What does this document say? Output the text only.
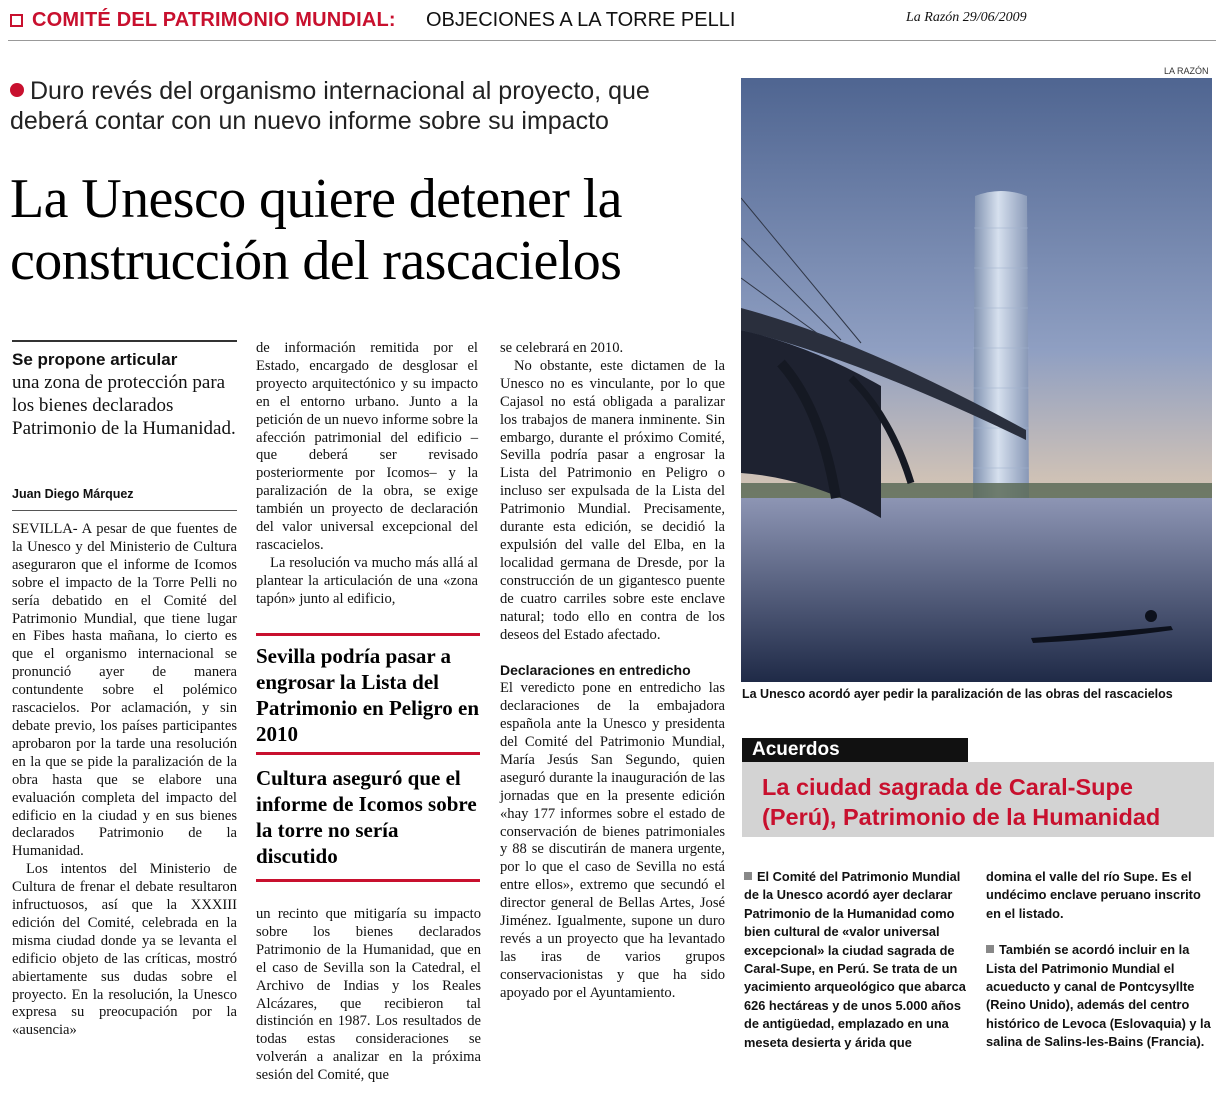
COMITÉ DEL PATRIMONIO MUNDIAL: OBJECIONES A LA TORRE PELLI	La Razón 29/06/2009
Duro revés del organismo internacional al proyecto, que deberá contar con un nuevo informe sobre su impacto
La Unesco quiere detener la
construcción del rascacielos
Se propone articular
una zona de protección para los bienes declarados Patrimonio de la Humanidad.
Juan Diego Márquez

SEVILLA- A pesar de que fuentes de la Unesco y del Ministerio de Cultura aseguraron que el informe de Icomos sobre el impacto de la Torre Pelli no sería debatido en el Comité del Patrimonio Mundial, que tiene lugar en Fibes hasta mañana, lo cierto es que el organismo internacional se pronunció ayer de manera contundente sobre el polémico rascacielos. Por aclamación, y sin debate previo, los países participantes aprobaron por la tarde una resolución en la que se pide la paralización de la obra hasta que se elabore una evaluación completa del impacto del edificio en la ciudad y en sus bienes declarados Patrimonio de la Humanidad.

Los intentos del Ministerio de Cultura de frenar el debate resultaron infructuosos, así que la XXXIII edición del Comité, celebrada en la misma ciudad donde ya se levanta el edificio objeto de las críticas, mostró abiertamente sus dudas sobre el proyecto. En la resolución, la Unesco expresa su preocupación por la «ausencia»

de información remitida por el Estado, encargado de desglosar el proyecto arquitectónico y su impacto en el entorno urbano. Junto a la petición de un nuevo informe sobre la afección patrimonial del edificio –que deberá ser revisado posteriormente por Icomos– y la paralización de la obra, se exige también un proyecto de declaración del valor universal excepcional del rascacielos.

La resolución va mucho más allá al plantear la articulación de una «zona tapón» junto al edificio,

Sevilla podría pasar a engrosar la Lista del Patrimonio en Peligro en 2010
Cultura aseguró que el informe de Icomos sobre la torre no sería discutido

un recinto que mitigaría su impacto sobre los bienes declarados Patrimonio de la Humanidad, que en el caso de Sevilla son la Catedral, el Archivo de Indias y los Reales Alcázares, que recibieron tal distinción en 1987. Los resultados de todas estas consideraciones se volverán a analizar en la próxima sesión del Comité, que

se celebrará en 2010.

No obstante, este dictamen de la Unesco no es vinculante, por lo que Cajasol no está obligada a paralizar los trabajos de manera inminente. Sin embargo, durante el próximo Comité, Sevilla podría pasar a engrosar la Lista del Patrimonio en Peligro o incluso ser expulsada de la Lista del Patrimonio Mundial. Precisamente, durante esta edición, se decidió la expulsión del valle del Elba, en la localidad germana de Dresde, por la construcción de un gigantesco puente de cuatro carriles sobre este enclave natural; todo ello en contra de los deseos del Estado afectado.

Declaraciones en entredicho

El veredicto pone en entredicho las declaraciones de la embajadora española ante la Unesco y presidenta del Comité del Patrimonio Mundial, María Jesús San Segundo, quien aseguró durante la inauguración de las jornadas que en la presente edición «hay 177 informes sobre el estado de conservación de bienes patrimoniales y 88 se discutirán de manera urgente, por lo que el caso de Sevilla no está entre ellos», extremo que secundó el director general de Bellas Artes, José Jiménez. Igualmente, supone un duro revés a un proyecto que ha levantado las iras de varios grupos conservacionistas y que ha sido apoyado por el Ayuntamiento.

LA RAZÓN
La Unesco acordó ayer pedir la paralización de las obras del rascacielos
Acuerdos
La ciudad sagrada de Caral-Supe (Perú), Patrimonio de la Humanidad
El Comité del Patrimonio Mundial de la Unesco acordó ayer declarar Patrimonio de la Humanidad como bien cultural de «valor universal excepcional» la ciudad sagrada de Caral-Supe, en Perú. Se trata de un yacimiento arqueológico que abarca 626 hectáreas y de unos 5.000 años de antigüedad, emplazado en una meseta desierta y árida que
domina el valle del río Supe. Es el undécimo enclave peruano inscrito en el listado.
También se acordó incluir en la Lista del Patrimonio Mundial el acueducto y canal de Pontcysyllte (Reino Unido), además del centro histórico de Levoca (Eslovaquia) y la salina de Salins-les-Bains (Francia).
